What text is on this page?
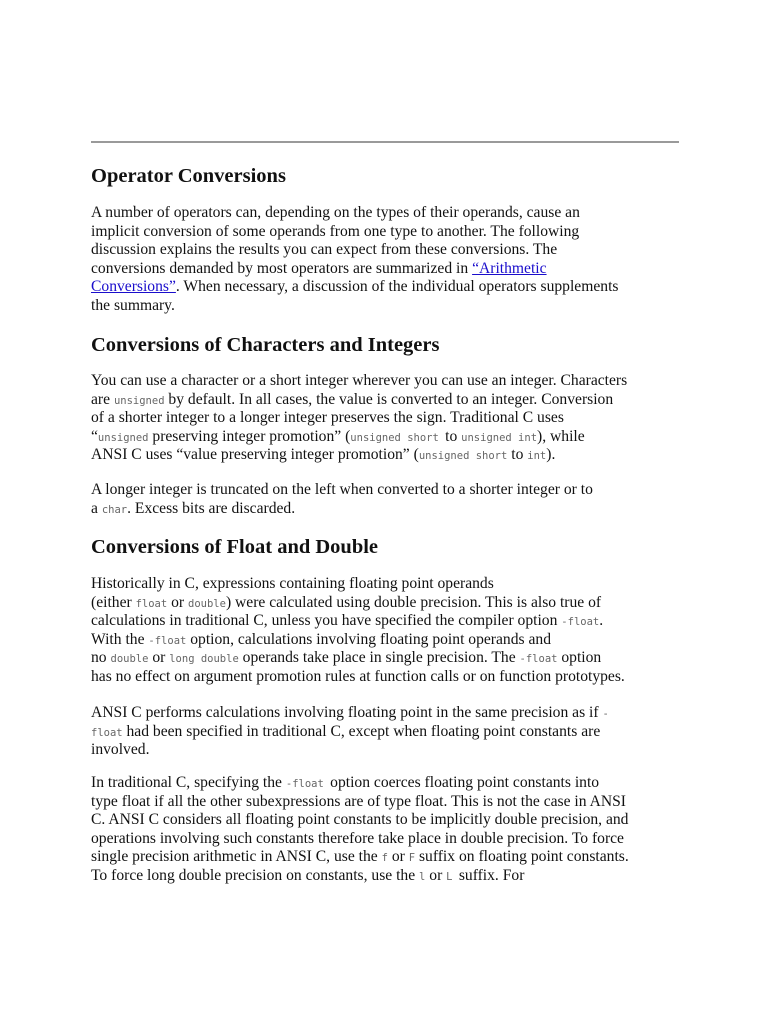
Operator Conversions
A number of operators can, depending on the types of their operands, cause an
implicit conversion of some operands from one type to another. The following
discussion explains the results you can expect from these conversions. The
conversions demanded by most operators are summarized in “Arithmetic
Conversions”. When necessary, a discussion of the individual operators supplements
the summary.
Conversions of Characters and Integers
You can use a character or a short integer wherever you can use an integer. Characters
are unsigned by default. In all cases, the value is converted to an integer. Conversion
of a shorter integer to a longer integer preserves the sign. Traditional C uses
“unsigned preserving integer promotion” (unsigned short to unsigned int), while
ANSI C uses “value preserving integer promotion” (unsigned short to int).
A longer integer is truncated on the left when converted to a shorter integer or to
a char. Excess bits are discarded.
Conversions of Float and Double
Historically in C, expressions containing floating point operands
(either float or double) were calculated using double precision. This is also true of
calculations in traditional C, unless you have specified the compiler option -float.
With the -float option, calculations involving floating point operands and
no double or long double operands take place in single precision. The -float option
has no effect on argument promotion rules at function calls or on function prototypes.
ANSI C performs calculations involving floating point in the same precision as if -
float had been specified in traditional C, except when floating point constants are
involved.
In traditional C, specifying the -float option coerces floating point constants into
type float if all the other subexpressions are of type float. This is not the case in ANSI
C. ANSI C considers all floating point constants to be implicitly double precision, and
operations involving such constants therefore take place in double precision. To force
single precision arithmetic in ANSI C, use the f or F suffix on floating point constants.
To force long double precision on constants, use the l or L suffix. For
